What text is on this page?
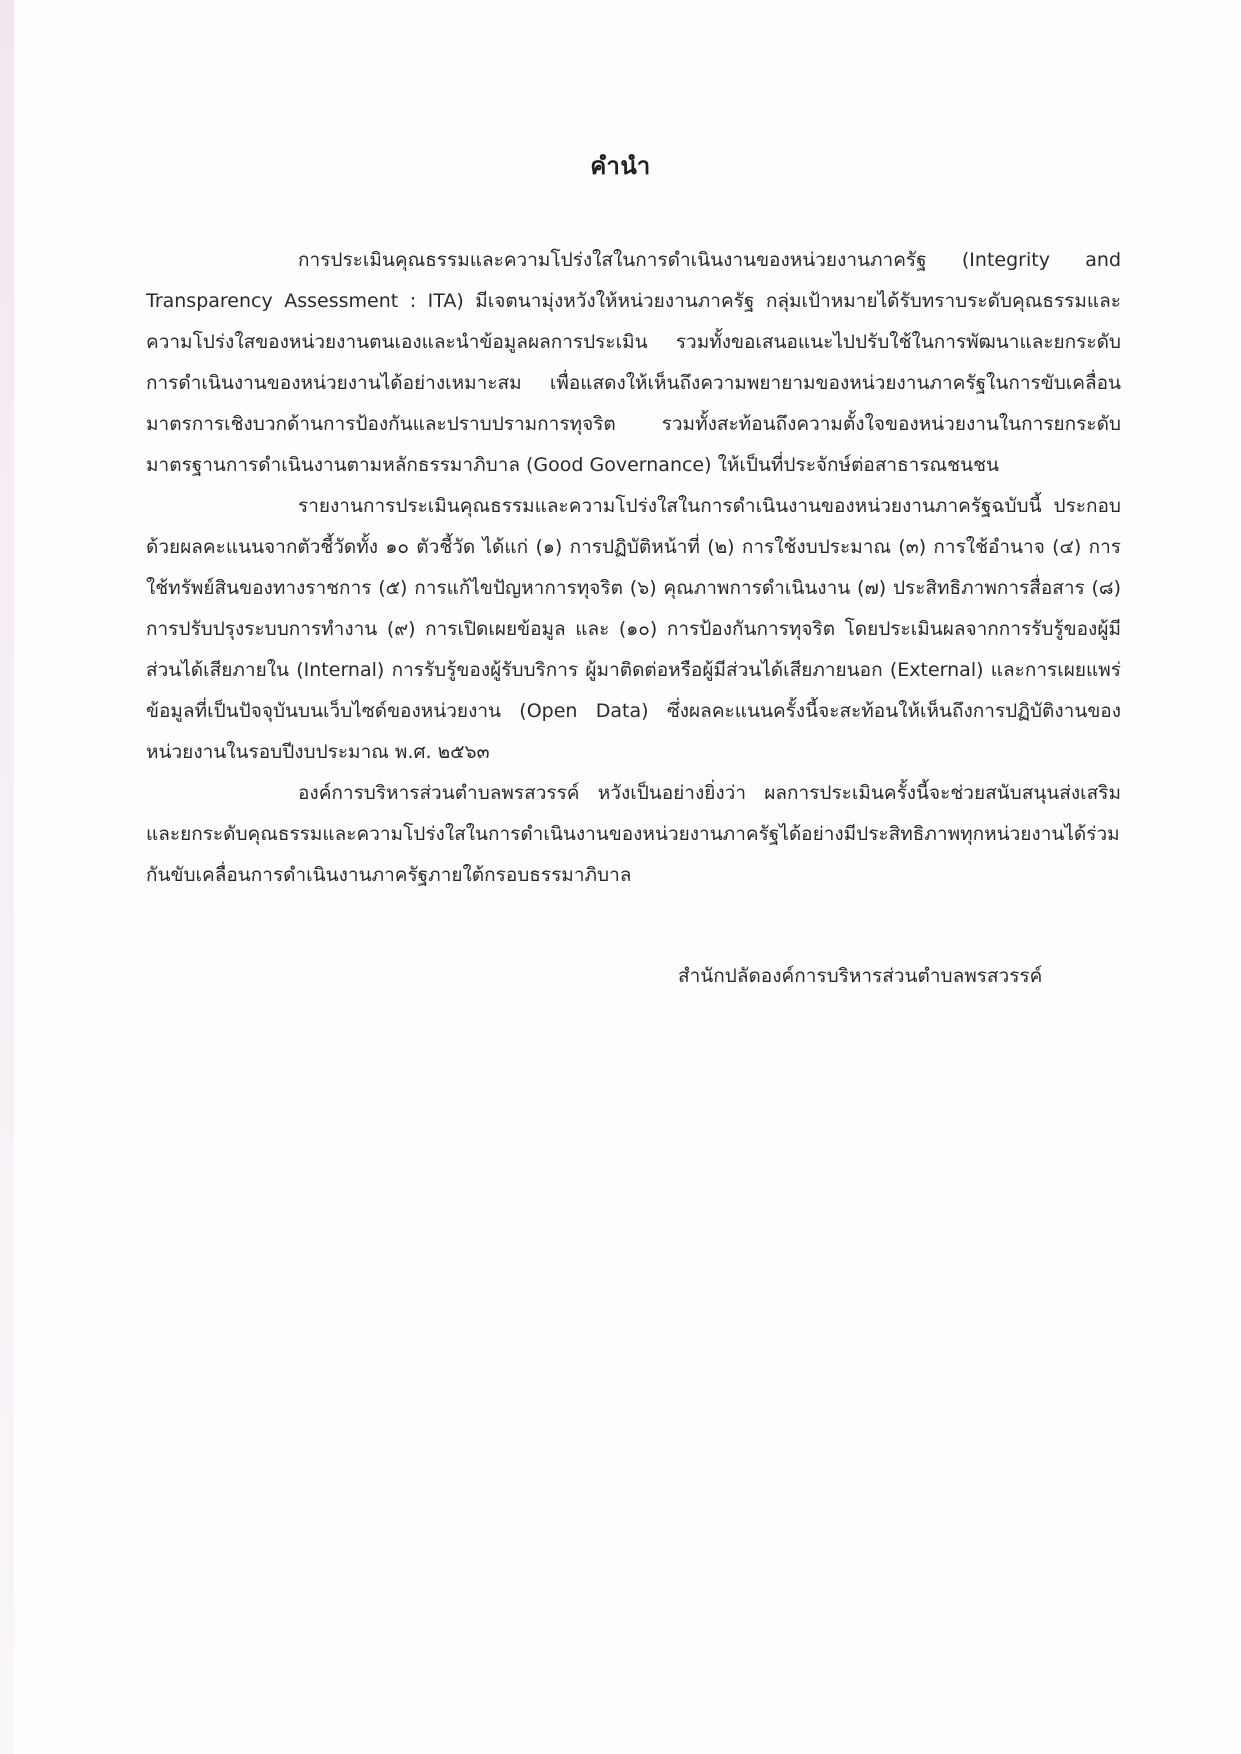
คำนำ

การประเมินคุณธรรมและความโปร่งใสในการดำเนินงานของหน่วยงานภาครัฐ (Integrity and Transparency Assessment : ITA) มีเจตนามุ่งหวังให้หน่วยงานภาครัฐ กลุ่มเป้าหมายได้รับทราบระดับคุณธรรมและความโปร่งใสของหน่วยงานตนเองและนำข้อมูลผลการประเมิน รวมทั้งขอเสนอแนะไปปรับใช้ในการพัฒนาและยกระดับการดำเนินงานของหน่วยงานได้อย่างเหมาะสม เพื่อแสดงให้เห็นถึงความพยายามของหน่วยงานภาครัฐในการขับเคลื่อนมาตรการเชิงบวกด้านการป้องกันและปราบปรามการทุจริต รวมทั้งสะท้อนถึงความตั้งใจของหน่วยงานในการยกระดับมาตรฐานการดำเนินงานตามหลักธรรมาภิบาล (Good Governance) ให้เป็นที่ประจักษ์ต่อสาธารณชนชน

รายงานการประเมินคุณธรรมและความโปร่งใสในการดำเนินงานของหน่วยงานภาครัฐฉบับนี้ ประกอบด้วยผลคะแนนจากตัวชี้วัดทั้ง ๑๐ ตัวชี้วัด ได้แก่ (๑) การปฏิบัติหน้าที่ (๒) การใช้งบประมาณ (๓) การใช้อำนาจ (๔) การใช้ทรัพย์สินของทางราชการ (๕) การแก้ไขปัญหาการทุจริต (๖) คุณภาพการดำเนินงาน (๗) ประสิทธิภาพการสื่อสาร (๘) การปรับปรุงระบบการทำงาน (๙) การเปิดเผยข้อมูล และ (๑๐) การป้องกันการทุจริต โดยประเมินผลจากการรับรู้ของผู้มีส่วนได้เสียภายใน (Internal) การรับรู้ของผู้รับบริการ ผู้มาติดต่อหรือผู้มีส่วนได้เสียภายนอก (External) และการเผยแพร่ข้อมูลที่เป็นปัจจุบันบนเว็บไซด์ของหน่วยงาน (Open Data) ซึ่งผลคะแนนครั้งนี้จะสะท้อนให้เห็นถึงการปฏิบัติงานของหน่วยงานในรอบปีงบประมาณ พ.ศ. ๒๕๖๓

องค์การบริหารส่วนตำบลพรสวรรค์ หวังเป็นอย่างยิ่งว่า ผลการประเมินครั้งนี้จะช่วยสนับสนุนส่งเสริมและยกระดับคุณธรรมและความโปร่งใสในการดำเนินงานของหน่วยงานภาครัฐได้อย่างมีประสิทธิภาพทุกหน่วยงานได้ร่วมกันขับเคลื่อนการดำเนินงานภาครัฐภายใต้กรอบธรรมาภิบาล

สำนักปลัดองค์การบริหารส่วนตำบลพรสวรรค์
